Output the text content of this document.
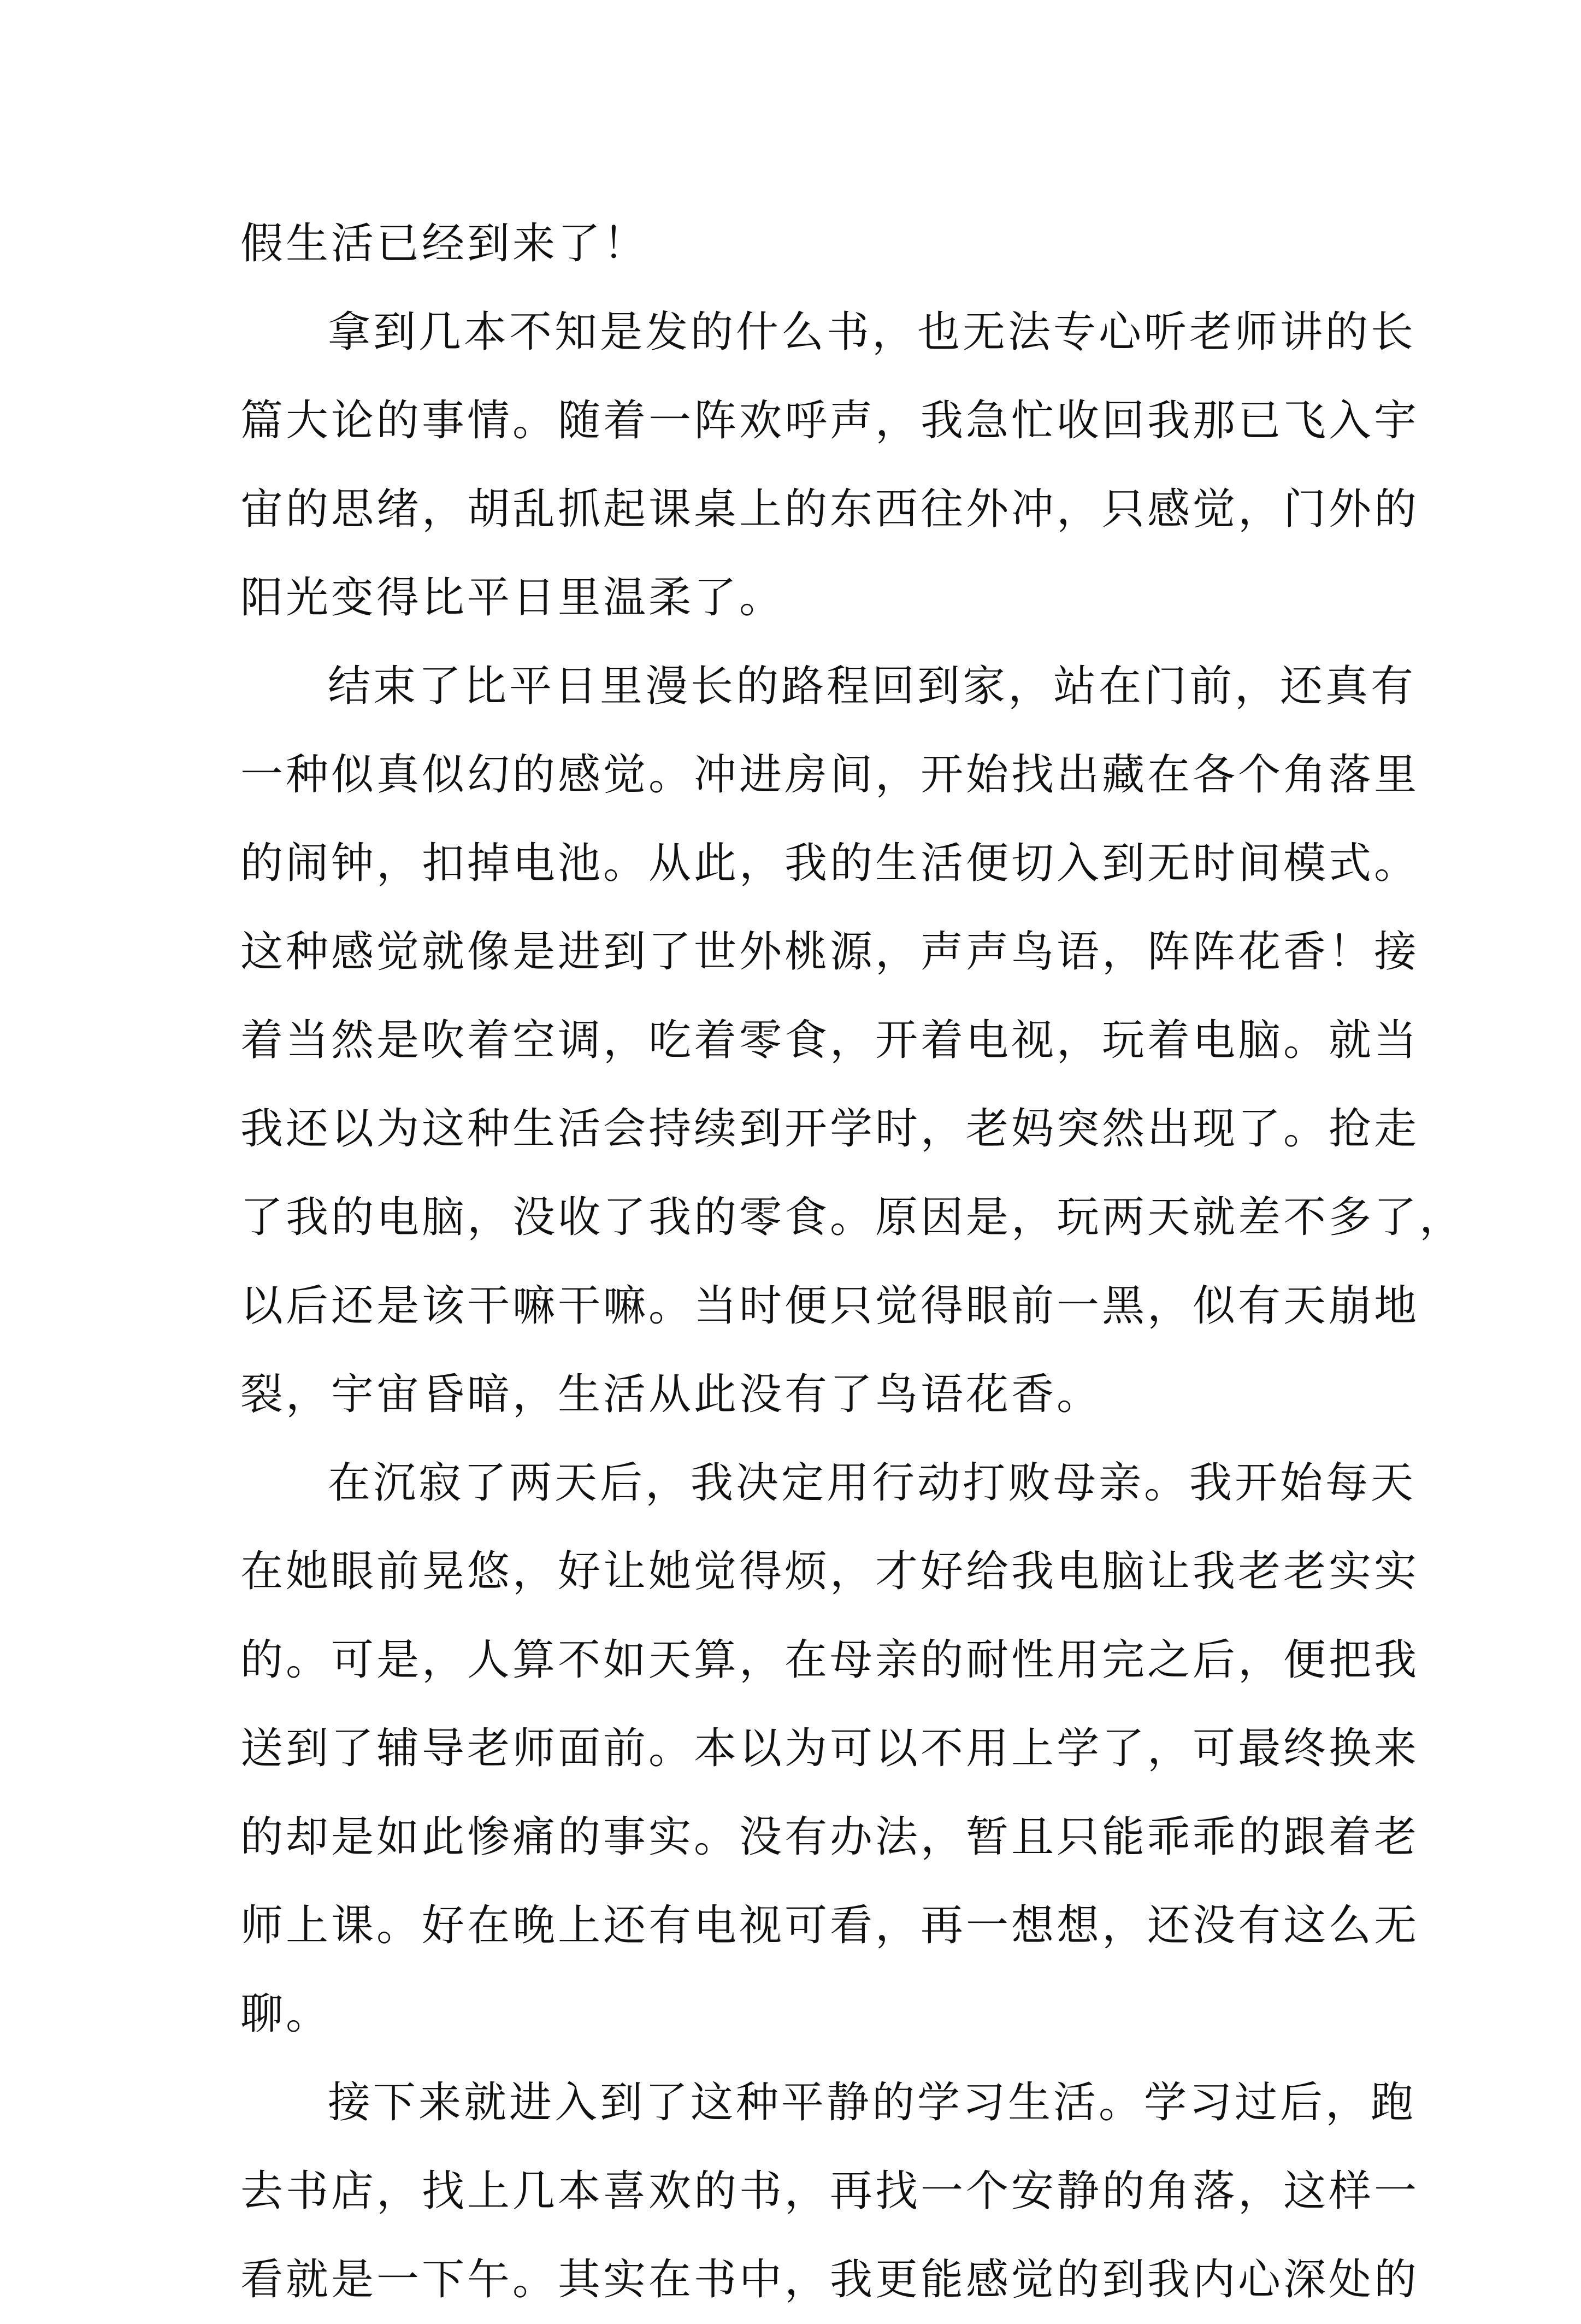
假生活已经到来了！
拿到几本不知是发的什么书，也无法专心听老师讲的长
篇大论的事情。随着一阵欢呼声，我急忙收回我那已飞入宇
宙的思绪，胡乱抓起课桌上的东西往外冲，只感觉，门外的
阳光变得比平日里温柔了。
结束了比平日里漫长的路程回到家，站在门前，还真有
一种似真似幻的感觉。冲进房间，开始找出藏在各个角落里
的闹钟，扣掉电池。从此，我的生活便切入到无时间模式。
这种感觉就像是进到了世外桃源，声声鸟语，阵阵花香！接
着当然是吹着空调，吃着零食，开着电视，玩着电脑。就当
我还以为这种生活会持续到开学时，老妈突然出现了。抢走
了我的电脑，没收了我的零食。原因是，玩两天就差不多了，
以后还是该干嘛干嘛。当时便只觉得眼前一黑，似有天崩地
裂，宇宙昏暗，生活从此没有了鸟语花香。
在沉寂了两天后，我决定用行动打败母亲。我开始每天
在她眼前晃悠，好让她觉得烦，才好给我电脑让我老老实实
的。可是，人算不如天算，在母亲的耐性用完之后，便把我
送到了辅导老师面前。本以为可以不用上学了，可最终换来
的却是如此惨痛的事实。没有办法，暂且只能乖乖的跟着老
师上课。好在晚上还有电视可看，再一想想，还没有这么无
聊。
接下来就进入到了这种平静的学习生活。学习过后，跑
去书店，找上几本喜欢的书，再找一个安静的角落，这样一
看就是一下午。其实在书中，我更能感觉的到我内心深处的
